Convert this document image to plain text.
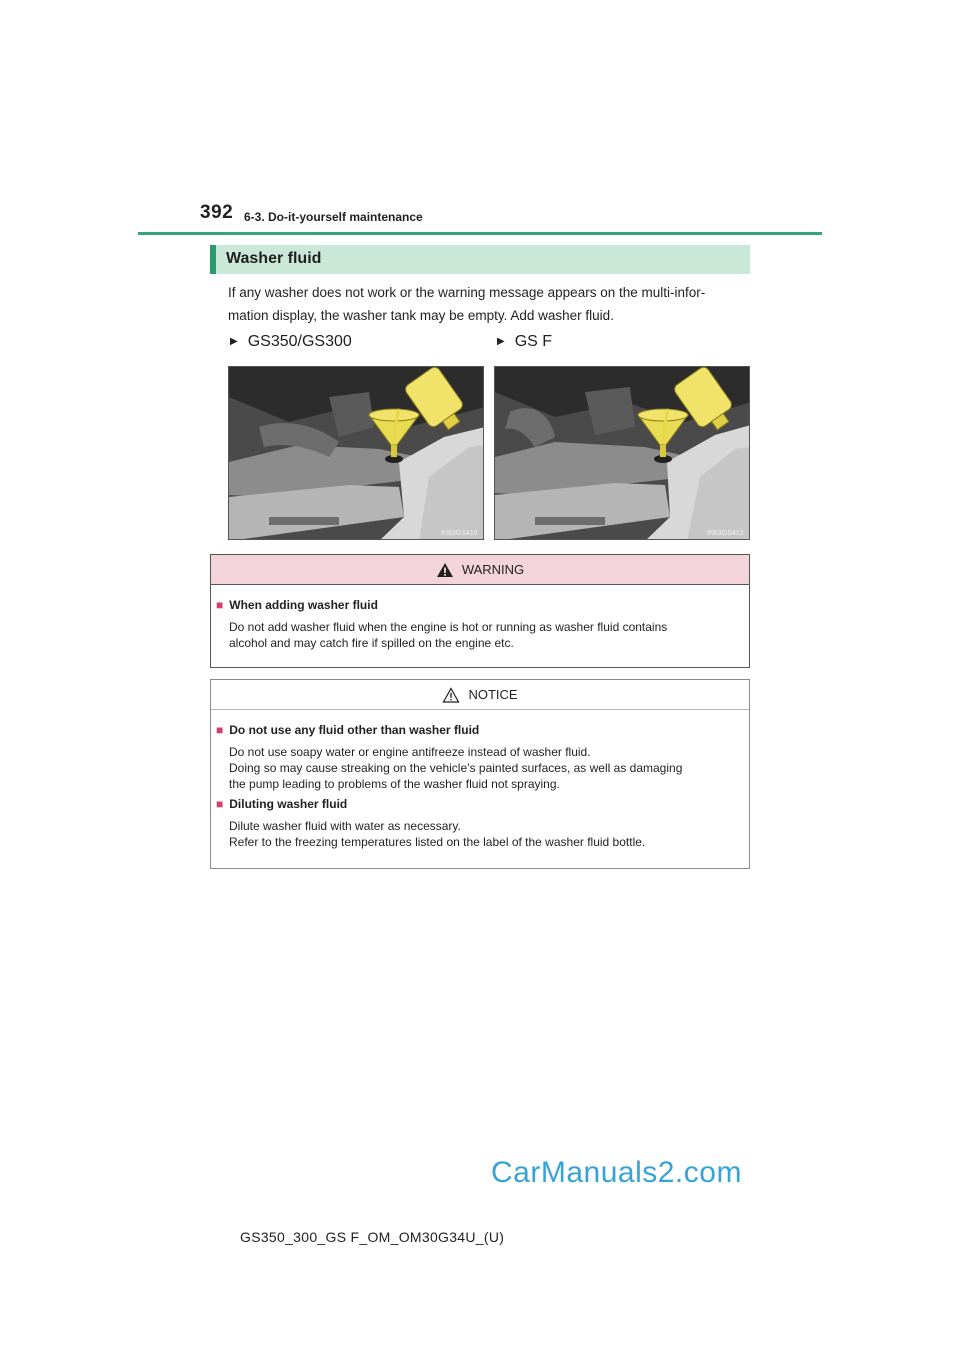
392 6-3. Do-it-yourself maintenance
Washer fluid
If any washer does not work or the warning message appears on the multi-infor-
mation display, the washer tank may be empty. Add washer fluid.
▶ GS350/GS300	▶ GS F
IN63GS410	IN63GS412
WARNING
■ When adding washer fluid
Do not add washer fluid when the engine is hot or running as washer fluid contains
alcohol and may catch fire if spilled on the engine etc.
NOTICE
■ Do not use any fluid other than washer fluid
Do not use soapy water or engine antifreeze instead of washer fluid.
Doing so may cause streaking on the vehicle’s painted surfaces, as well as damaging
the pump leading to problems of the washer fluid not spraying.
■ Diluting washer fluid
Dilute washer fluid with water as necessary.
Refer to the freezing temperatures listed on the label of the washer fluid bottle.
CarManuals2.com
GS350_300_GS F_OM_OM30G34U_(U)
